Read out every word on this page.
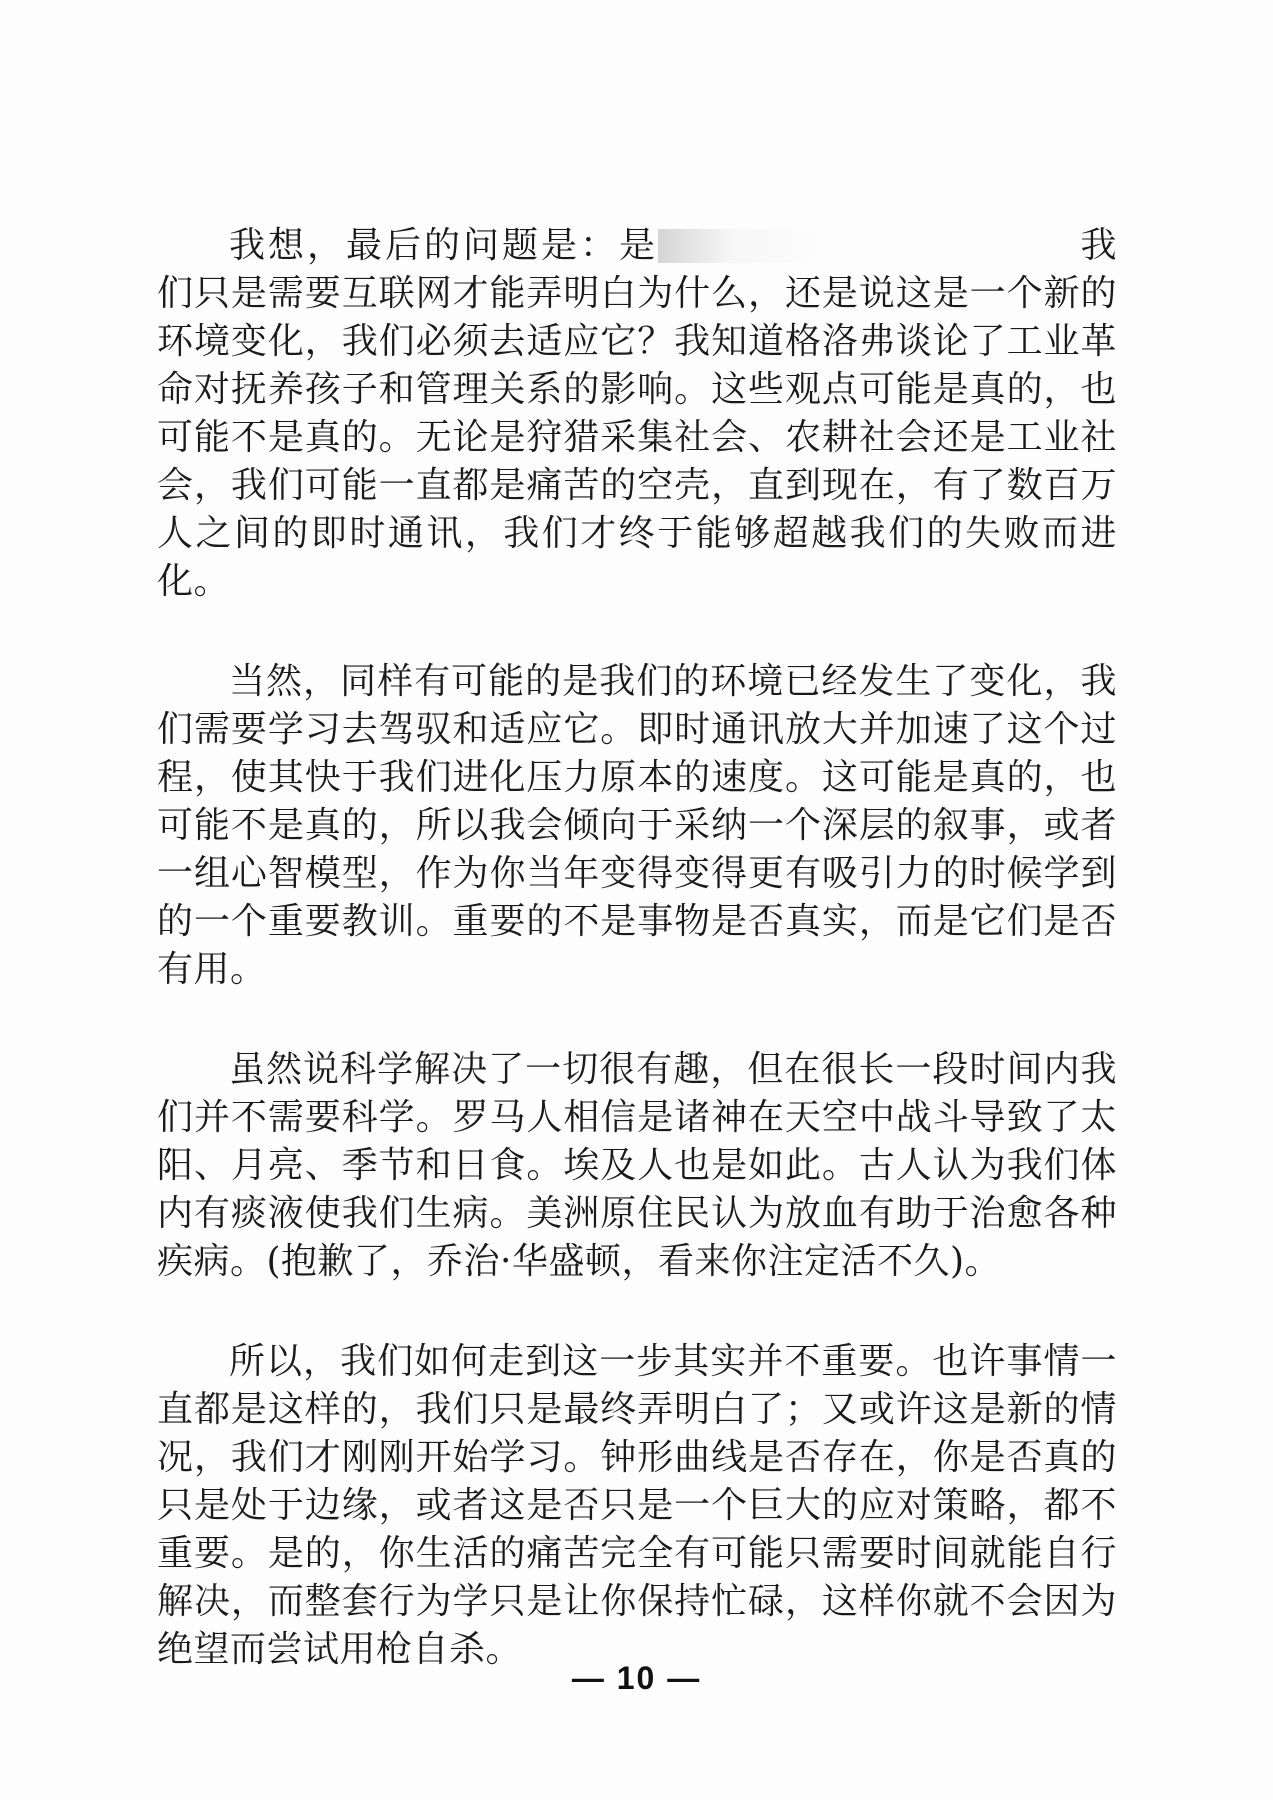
我想，最后的问题是：是	我们只是需要互联网才能弄明白为什么，还是说这是一个新的环境变化，我们必须去适应它？我知道格洛弗谈论了工业革命对抚养孩子和管理关系的影响。这些观点可能是真的，也可能不是真的。无论是狩猎采集社会、农耕社会还是工业社会，我们可能一直都是痛苦的空壳，直到现在，有了数百万人之间的即时通讯，我们才终于能够超越我们的失败而进化。

当然，同样有可能的是我们的环境已经发生了变化，我们需要学习去驾驭和适应它。即时通讯放大并加速了这个过程，使其快于我们进化压力原本的速度。这可能是真的，也可能不是真的，所以我会倾向于采纳一个深层的叙事，或者一组心智模型，作为你当年变得变得更有吸引力的时候学到的一个重要教训。重要的不是事物是否真实，而是它们是否有用。

虽然说科学解决了一切很有趣，但在很长一段时间内我们并不需要科学。罗马人相信是诸神在天空中战斗导致了太阳、月亮、季节和日食。埃及人也是如此。古人认为我们体内有痰液使我们生病。美洲原住民认为放血有助于治愈各种疾病。(抱歉了，乔治·华盛顿，看来你注定活不久)。

所以，我们如何走到这一步其实并不重要。也许事情一直都是这样的，我们只是最终弄明白了；又或许这是新的情况，我们才刚刚开始学习。钟形曲线是否存在，你是否真的只是处于边缘，或者这是否只是一个巨大的应对策略，都不重要。是的，你生活的痛苦完全有可能只需要时间就能自行解决，而整套行为学只是让你保持忙碌，这样你就不会因为绝望而尝试用枪自杀。

— 10 —
